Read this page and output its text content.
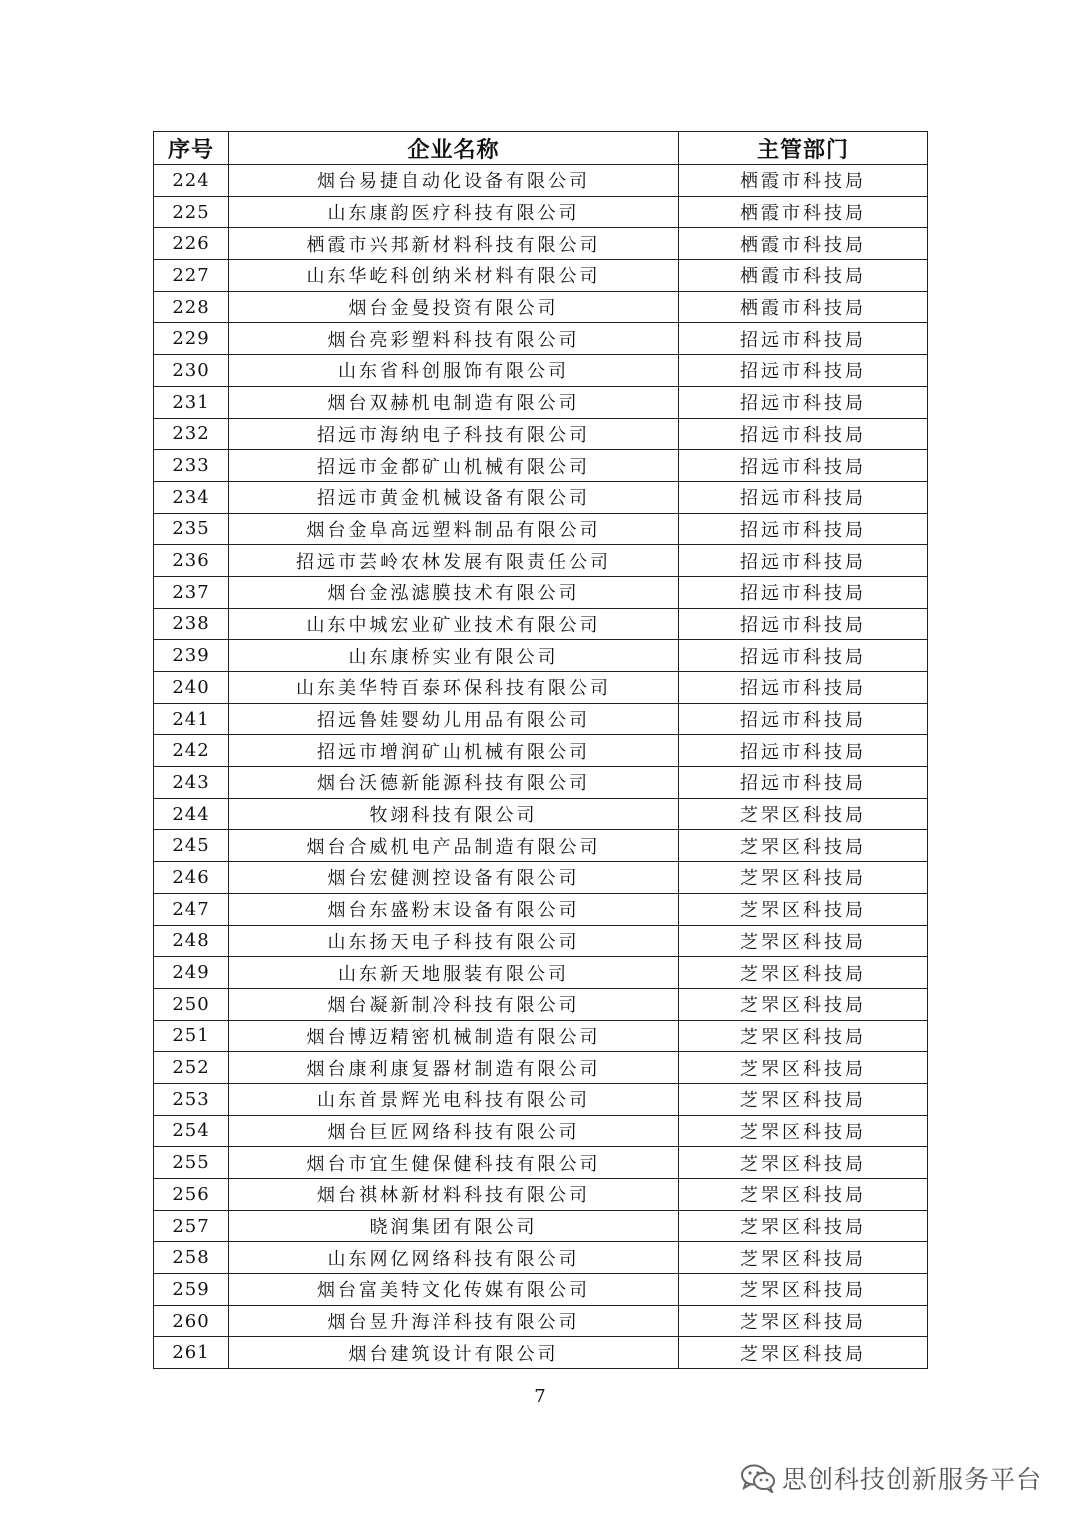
序号	企业名称	主管部门
224	烟台易捷自动化设备有限公司	栖霞市科技局
225	山东康韵医疗科技有限公司	栖霞市科技局
226	栖霞市兴邦新材料科技有限公司	栖霞市科技局
227	山东华屹科创纳米材料有限公司	栖霞市科技局
228	烟台金曼投资有限公司	栖霞市科技局
229	烟台亮彩塑料科技有限公司	招远市科技局
230	山东省科创服饰有限公司	招远市科技局
231	烟台双赫机电制造有限公司	招远市科技局
232	招远市海纳电子科技有限公司	招远市科技局
233	招远市金都矿山机械有限公司	招远市科技局
234	招远市黄金机械设备有限公司	招远市科技局
235	烟台金阜高远塑料制品有限公司	招远市科技局
236	招远市芸岭农林发展有限责任公司	招远市科技局
237	烟台金泓滤膜技术有限公司	招远市科技局
238	山东中城宏业矿业技术有限公司	招远市科技局
239	山东康桥实业有限公司	招远市科技局
240	山东美华特百泰环保科技有限公司	招远市科技局
241	招远鲁娃婴幼儿用品有限公司	招远市科技局
242	招远市增润矿山机械有限公司	招远市科技局
243	烟台沃德新能源科技有限公司	招远市科技局
244	牧翊科技有限公司	芝罘区科技局
245	烟台合威机电产品制造有限公司	芝罘区科技局
246	烟台宏健测控设备有限公司	芝罘区科技局
247	烟台东盛粉末设备有限公司	芝罘区科技局
248	山东扬天电子科技有限公司	芝罘区科技局
249	山东新天地服装有限公司	芝罘区科技局
250	烟台凝新制冷科技有限公司	芝罘区科技局
251	烟台博迈精密机械制造有限公司	芝罘区科技局
252	烟台康利康复器材制造有限公司	芝罘区科技局
253	山东首景辉光电科技有限公司	芝罘区科技局
254	烟台巨匠网络科技有限公司	芝罘区科技局
255	烟台市宜生健保健科技有限公司	芝罘区科技局
256	烟台祺林新材料科技有限公司	芝罘区科技局
257	晓润集团有限公司	芝罘区科技局
258	山东网亿网络科技有限公司	芝罘区科技局
259	烟台富美特文化传媒有限公司	芝罘区科技局
260	烟台昱升海洋科技有限公司	芝罘区科技局
261	烟台建筑设计有限公司	芝罘区科技局
7
思创科技创新服务平台
